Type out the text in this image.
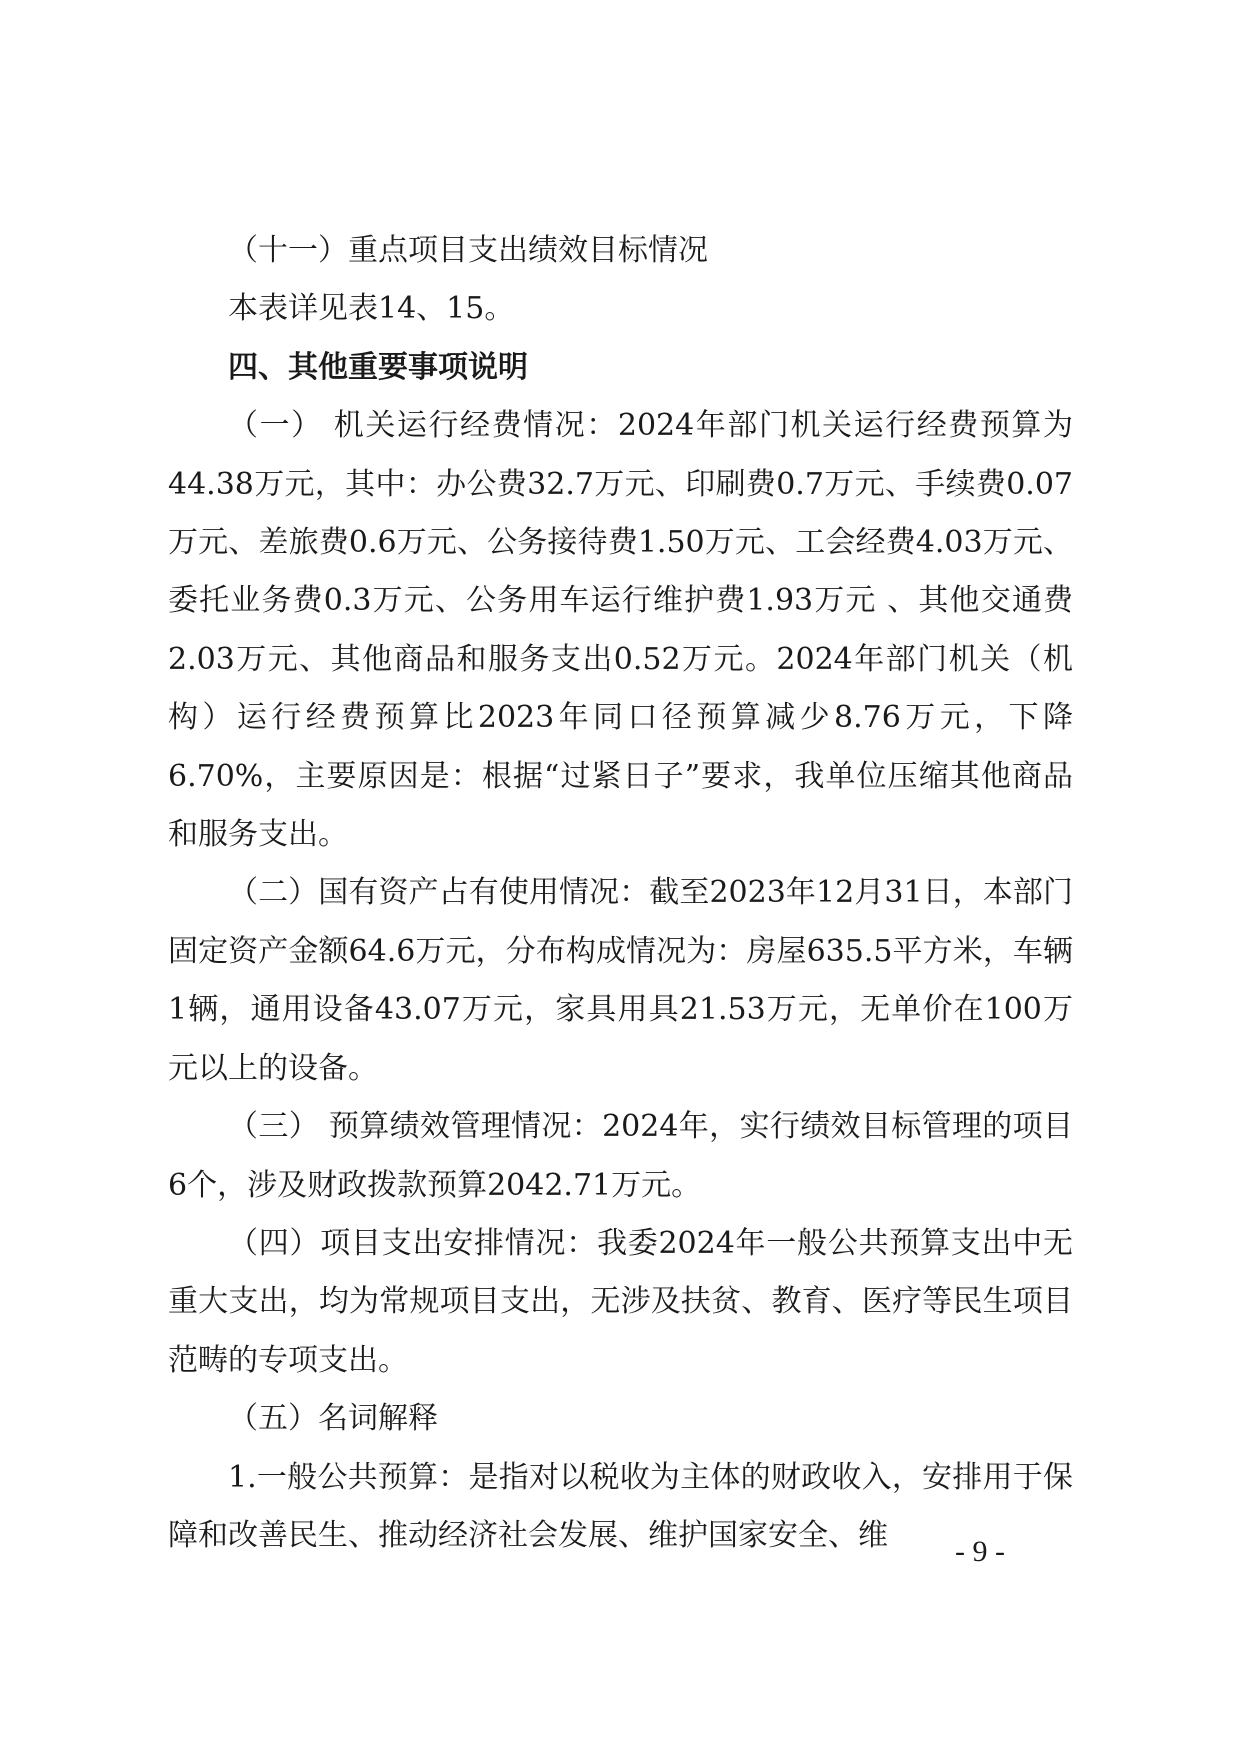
（十一）重点项目支出绩效目标情况

本表详见表14、15。

四、其他重要事项说明

（一） 机关运行经费情况：2024年部门机关运行经费预算为44.38万元，其中：办公费32.7万元、印刷费0.7万元、手续费0.07万元、差旅费0.6万元、公务接待费1.50万元、工会经费4.03万元、委托业务费0.3万元、公务用车运行维护费1.93万元 、其他交通费2.03万元、其他商品和服务支出0.52万元。2024年部门机关（机构）运行经费预算比2023年同口径预算减少8.76万元，下降6.70%，主要原因是：根据“过紧日子”要求，我单位压缩其他商品和服务支出。

（二）国有资产占有使用情况：截至2023年12月31日，本部门固定资产金额64.6万元，分布构成情况为：房屋635.5平方米，车辆1辆，通用设备43.07万元，家具用具21.53万元，无单价在100万元以上的设备。

（三） 预算绩效管理情况：2024年，实行绩效目标管理的项目6个，涉及财政拨款预算2042.71万元。

（四）项目支出安排情况：我委2024年一般公共预算支出中无重大支出，均为常规项目支出，无涉及扶贫、教育、医疗等民生项目范畴的专项支出。

（五）名词解释

1.一般公共预算：是指对以税收为主体的财政收入，安排用于保障和改善民生、推动经济社会发展、维护国家安全、维	- 9 -
